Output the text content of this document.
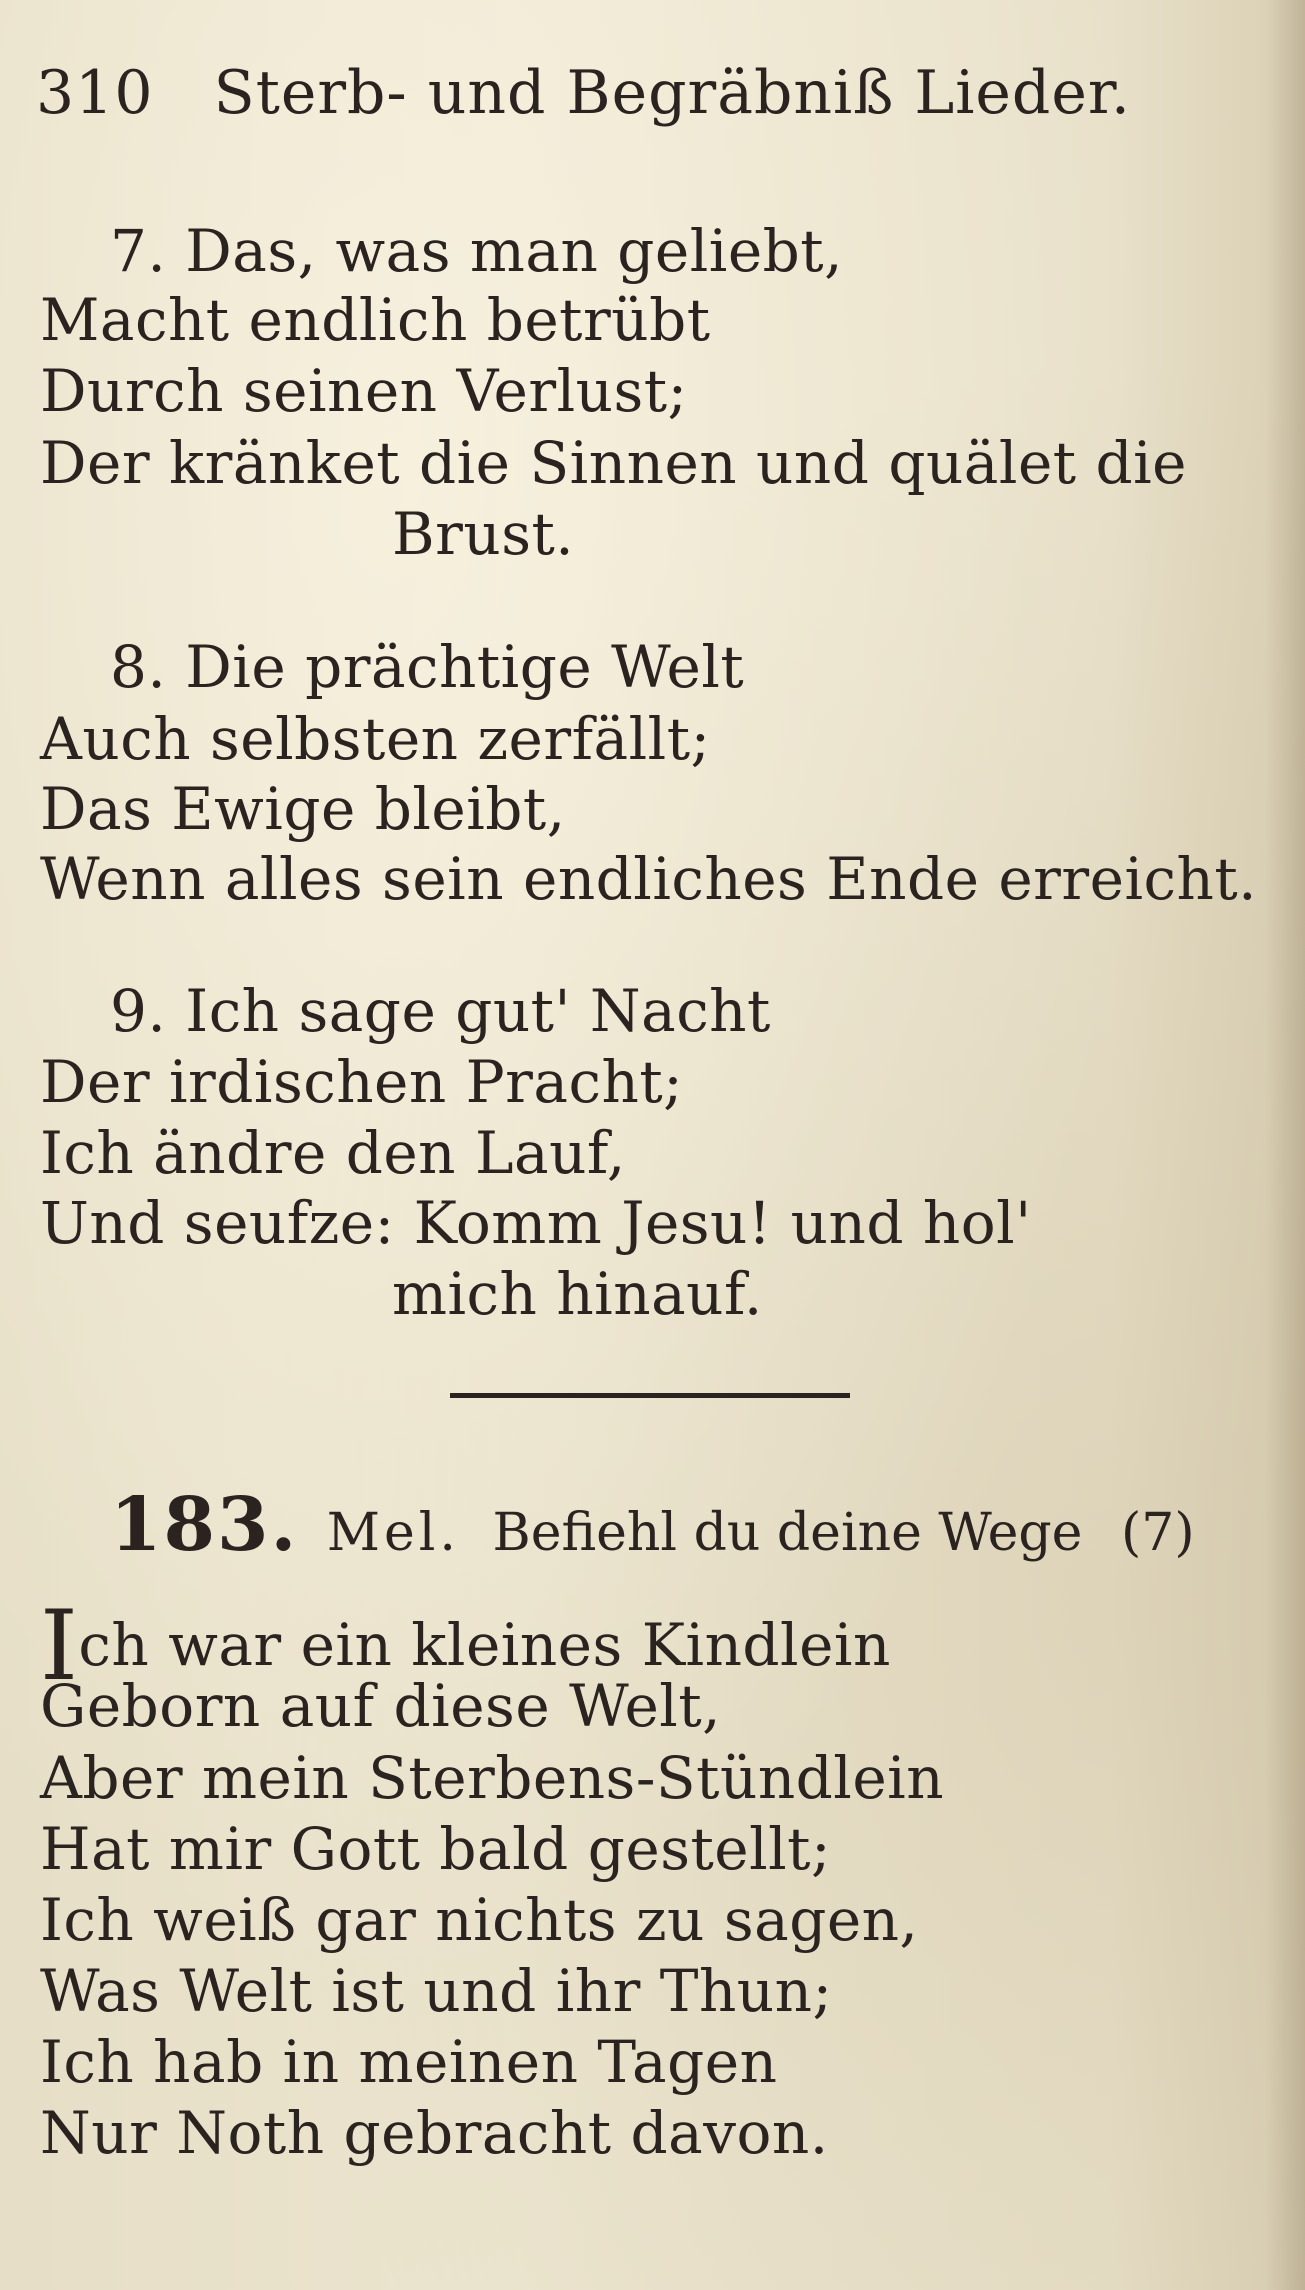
310 Sterb- und Begräbniß Lieder.
7. Das, was man geliebt,
Macht endlich betrübt
Durch seinen Verlust;
Der kränket die Sinnen und quälet die
Brust.
8. Die prächtige Welt
Auch selbsten zerfällt;
Das Ewige bleibt,
Wenn alles sein endliches Ende erreicht.
9. Ich sage gut' Nacht
Der irdischen Pracht;
Ich ändre den Lauf,
Und seufze: Komm Jesu! und hol'
mich hinauf.
183. Mel. Befiehl du deine Wege (7)
Ich war ein kleines Kindlein
Geborn auf diese Welt,
Aber mein Sterbens-Stündlein
Hat mir Gott bald gestellt;
Ich weiß gar nichts zu sagen,
Was Welt ist und ihr Thun;
Ich hab in meinen Tagen
Nur Noth gebracht davon.
